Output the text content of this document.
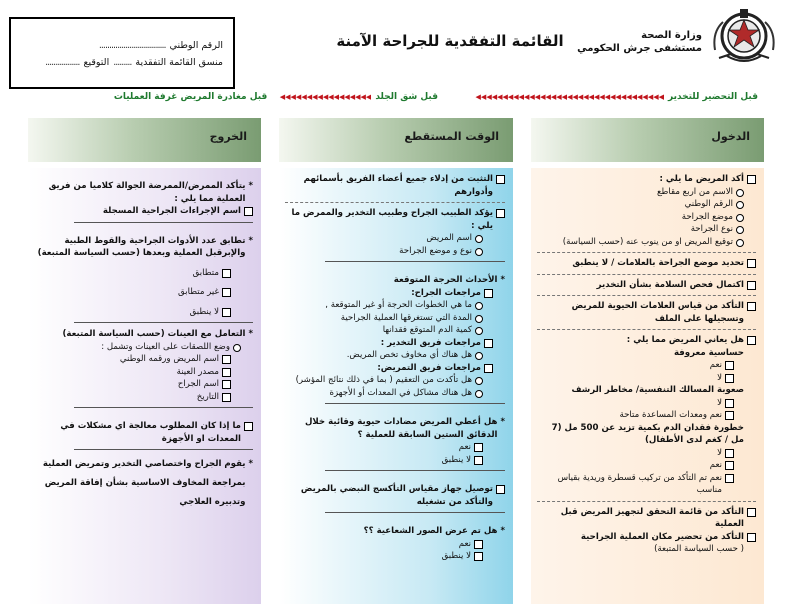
الرقم الوطني
.................................
منسق القائمة التفقدية
.........
التوقيع
.................
القائمة التفقدية للجراحة الآمنة	وزارة الصحة
مستشفى جرش الحكومي
قبل التحضير للتخدير
◀◀◀◀◀◀◀◀◀◀◀◀◀◀◀◀◀◀◀◀◀◀◀◀◀◀◀◀◀◀◀◀◀◀◀
قبل شق الجلد
◀◀◀◀◀◀◀◀◀◀◀◀◀◀◀◀◀
قبل مغادرة المريض غرفة العمليات
الدخول
الوقت المستقطع
الخروج
أكد المريض ما يلي :
الاسم من اربع مقاطع
الرقم الوطني
موضع الجراحة
نوع الجراحة
توقيع المريض او من ينوب عنه (حسب السياسة)
تحديد موضع الجراحة بالعلامات / لا ينطبق
اكتمال فحص السلامة بشأن التخدير
التأكد من قياس العلامات الحيوية للمريض وتسجيلها على الملف
هل يعاني المريض مما يلي :
حساسية معروفة
نعم
لا
صعوبة المسالك التنفسية/ مخاطر الرشف
لا
نعم ومعدات المساعدة متاحة
خطورة فقدان الدم بكمية تزيد عن 500 مل (7 مل / كغم لدى الأطفال)
لا
نعم
نعم تم التأكد من تركيب قسطرة وريدية بقياس مناسب
التأكد من قائمة التحقق لتجهيز المريض قبل العملية
التأكد من تحضير مكان العملية الجراحية
( حسب السياسة المتبعة)
التثبت من إدلاء جميع أعضاء الفريق بأسمائهم وأدوارهم
يؤكد الطبيب الجراح وطبيب التخدير والممرض ما يلي :
اسم المريض
نوع و موضع الجراحة
*
الأحداث الحرجة المتوقعة
مراجعات الجراح:
ما هي الخطوات الحرجة أو غير المتوقعة ,
المدة التي تستغرقها العملية الجراحية
كمية الدم المتوقع فقدانها
مراجعات فريق التخدير :
هل هناك أي مخاوف تخص المريض.
مراجعات فريق التمريض:
هل تأكدت من التعقيم ( بما في ذلك نتائج المؤشر)
هل هناك مشاكل في المعدات أو الأجهزة
*
هل أعطي المريض مضادات حيوية وقائية خلال الدقائق الستين السابقة للعملية ؟
نعم
لا ينطبق
توصيل جهاز مقياس التأكسج النبضي بالمريض والتأكد من تشغيله
*
هل تم عرض الصور الشعاعية ؟؟
نعم
لا ينطبق
*
يتأكد الممرض/الممرضة الجوالة كلاميا من فريق العملية مما يلي :
اسم الإجراءات الجراحية المسجلة
*
تطابق عدد الأدوات الجراحية والقوط الطبية والإبرقبل العملية وبعدها (حسب السياسة المتبعة)
متطابق
غير متطابق
لا ينطبق
*
التعامل مع العينات (حسب السياسة المتبعة)
وضع اللصقات على العينات وتشمل :
اسم المريض ورقمه الوطني
مصدر العينة
اسم الجراح
التاريخ
ما إذا كان المطلوب معالجة اي مشكلات في المعدات او الأجهزة
*
يقوم الجراح واختصاصي التخدير وتمريض العملية بمراجعة المخاوف الاساسية بشأن إفاقة المريض وتدبيره العلاجي
